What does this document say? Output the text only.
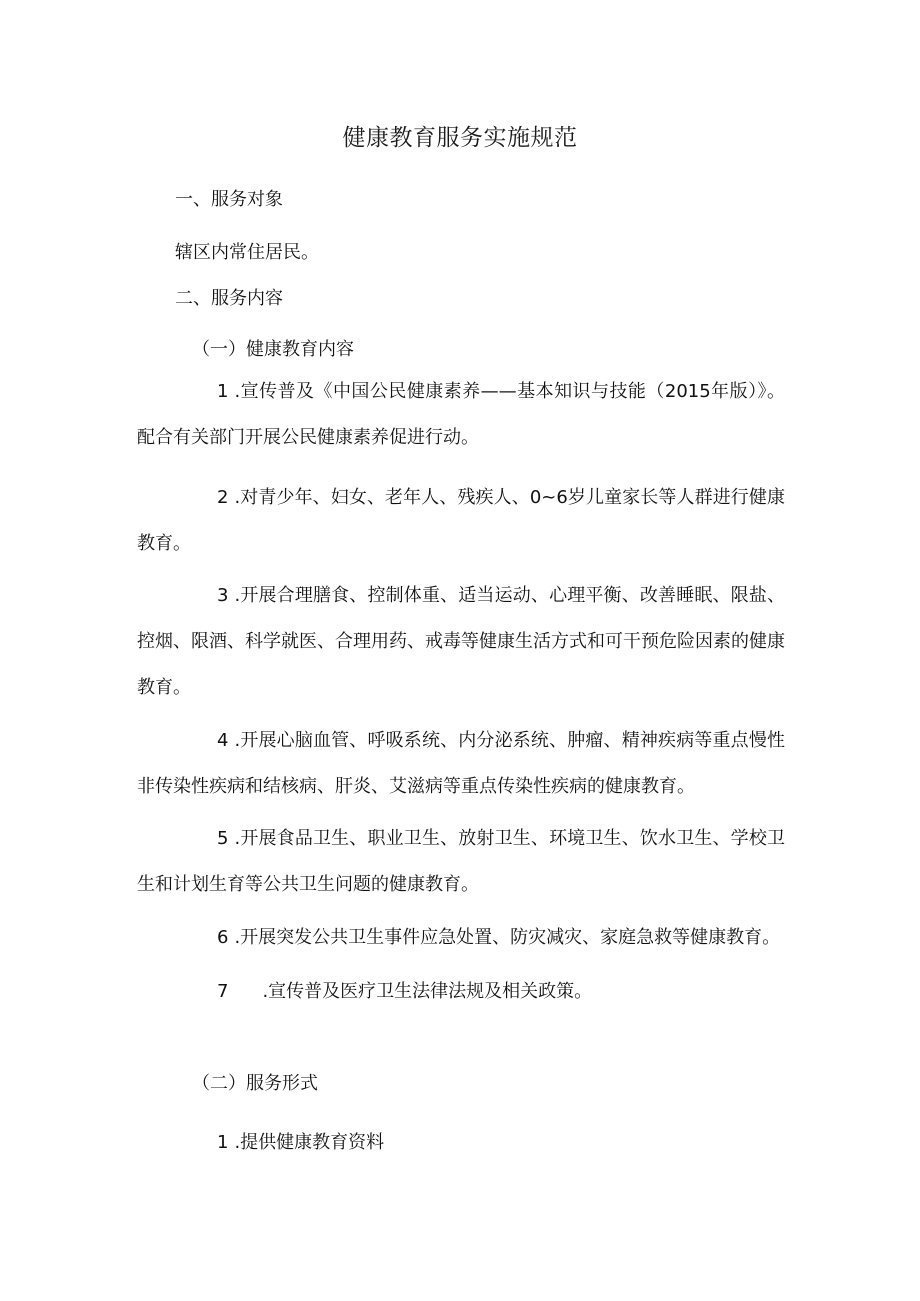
健康教育服务实施规范
一、服务对象
辖区内常住居民。
二、服务内容
（一）健康教育内容
1 .宣传普及《中国公民健康素养——基本知识与技能（2015年版）》。配合有关部门开展公民健康素养促进行动。
2 .对青少年、妇女、老年人、残疾人、0~6岁儿童家长等人群进行健康教育。
3 .开展合理膳食、控制体重、适当运动、心理平衡、改善睡眠、限盐、控烟、限酒、科学就医、合理用药、戒毒等健康生活方式和可干预危险因素的健康教育。
4 .开展心脑血管、呼吸系统、内分泌系统、肿瘤、精神疾病等重点慢性非传染性疾病和结核病、肝炎、艾滋病等重点传染性疾病的健康教育。
5 .开展食品卫生、职业卫生、放射卫生、环境卫生、饮水卫生、学校卫生和计划生育等公共卫生问题的健康教育。
6 .开展突发公共卫生事件应急处置、防灾减灾、家庭急救等健康教育。
7 .宣传普及医疗卫生法律法规及相关政策。
（二）服务形式
1 .提供健康教育资料
